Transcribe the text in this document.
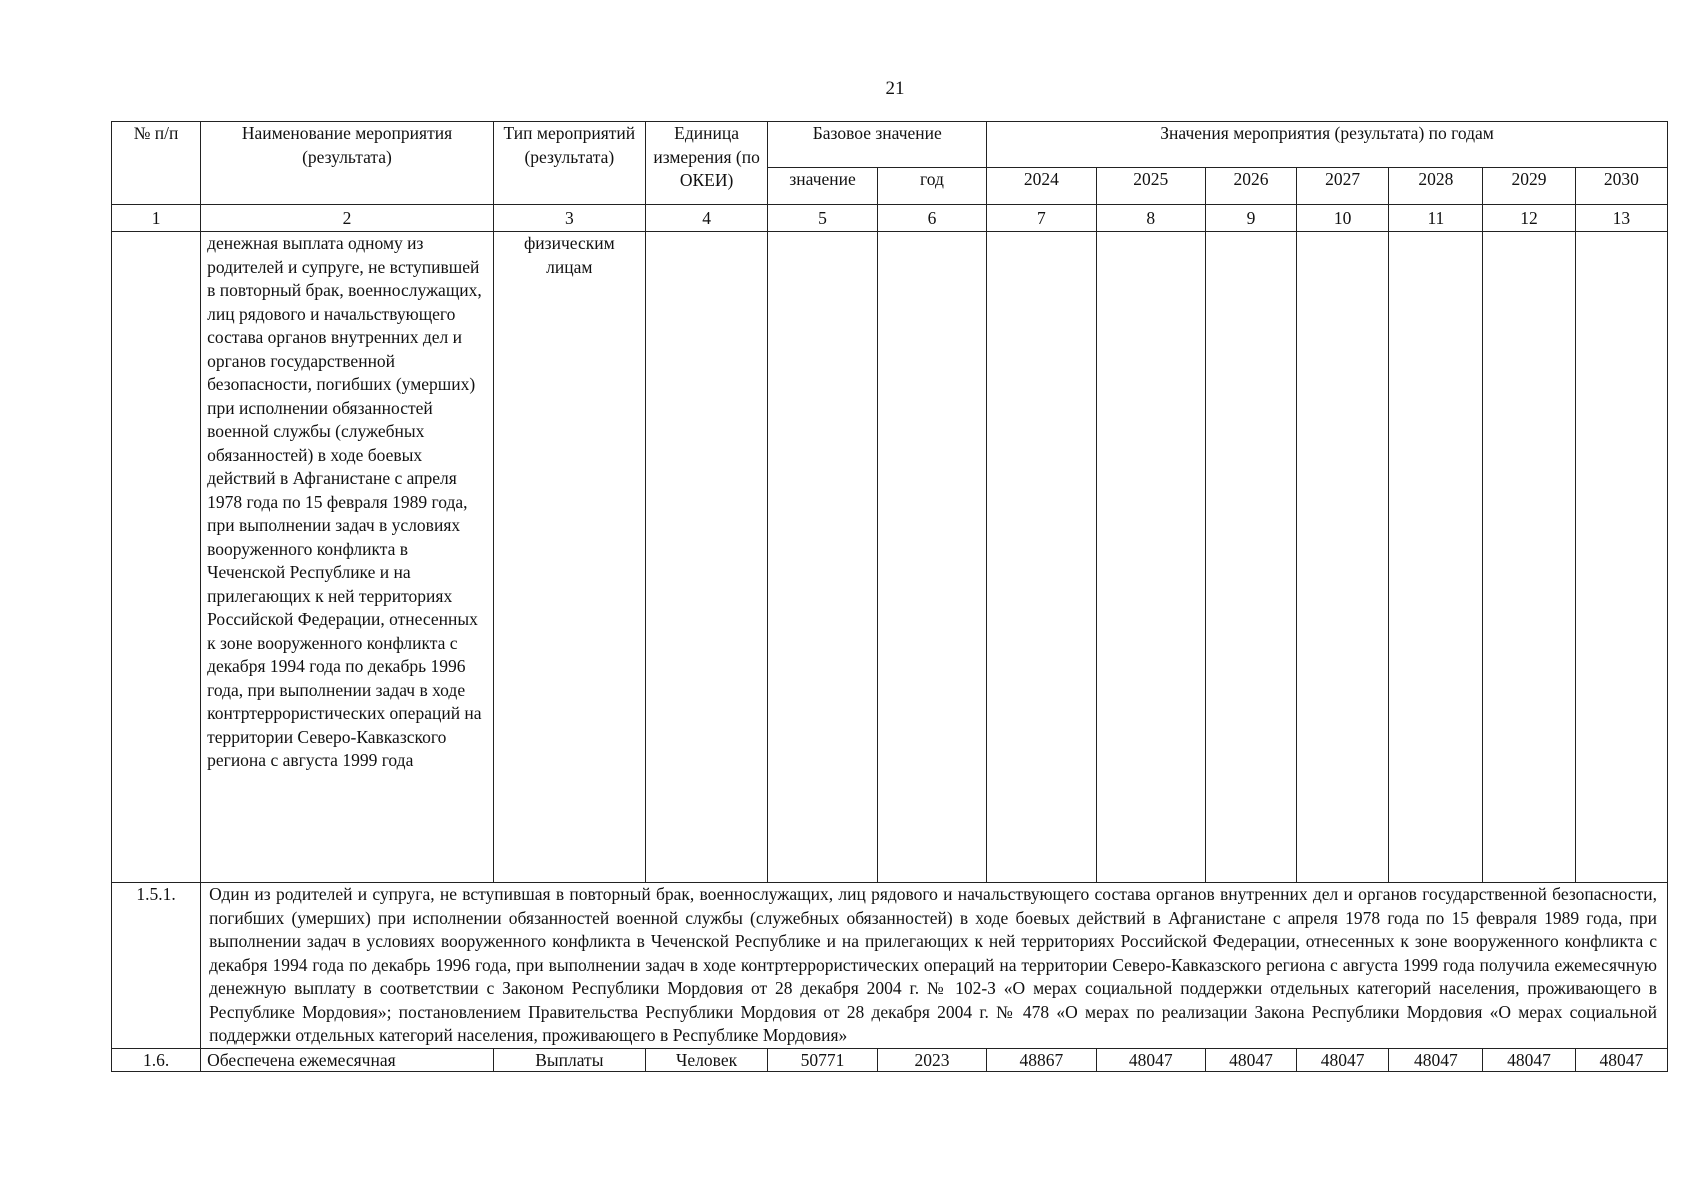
21
№ п/п	Наименование мероприятия (результата)	Тип мероприятий (результата)	Единица измерения (по ОКЕИ)	Базовое значение		Значения мероприятия (результата) по годам						
				значение	год	2024	2025	2026	2027	2028	2029	2030
1	2	3	4	5	6	7	8	9	10	11	12	13
	денежная выплата одному из родителей и супруге, не вступившей в повторный брак, военнослужащих, лиц рядового и начальствующего состава органов внутренних дел и органов государственной безопасности, погибших (умерших) при исполнении обязанностей военной службы (служебных обязанностей) в ходе боевых действий в Афганистане с апреля 1978 года по 15 февраля 1989 года, при выполнении задач в условиях вооруженного конфликта в Чеченской Республике и на прилегающих к ней территориях Российской Федерации, отнесенных к зоне вооруженного конфликта с декабря 1994 года по декабрь 1996 года, при выполнении задач в ходе контртеррористических операций на территории Северо-Кавказского региона с августа 1999 года	физическим лицам										
1.5.1.	Один из родителей и супруга, не вступившая в повторный брак, военнослужащих, лиц рядового и начальствующего состава органов внутренних дел и органов государственной безопасности, погибших (умерших) при исполнении обязанностей военной службы (служебных обязанностей) в ходе боевых действий в Афганистане с апреля 1978 года по 15 февраля 1989 года, при выполнении задач в условиях вооруженного конфликта в Чеченской Республике и на прилегающих к ней территориях Российской Федерации, отнесенных к зоне вооруженного конфликта с декабря 1994 года по декабрь 1996 года, при выполнении задач в ходе контртеррористических операций на территории Северо-Кавказского региона с августа 1999 года получила ежемесячную денежную выплату в соответствии с Законом Республики Мордовия от 28 декабря 2004 г. № 102-З «О мерах социальной поддержки отдельных категорий населения, проживающего в Республике Мордовия»; постановлением Правительства Республики Мордовия от 28 декабря 2004 г. № 478 «О мерах по реализации Закона Республики Мордовия «О мерах социальной поддержки отдельных категорий населения, проживающего в Республике Мордовия»											
1.6.	Обеспечена ежемесячная	Выплаты	Человек	50771	2023	48867	48047	48047	48047	48047	48047	48047
